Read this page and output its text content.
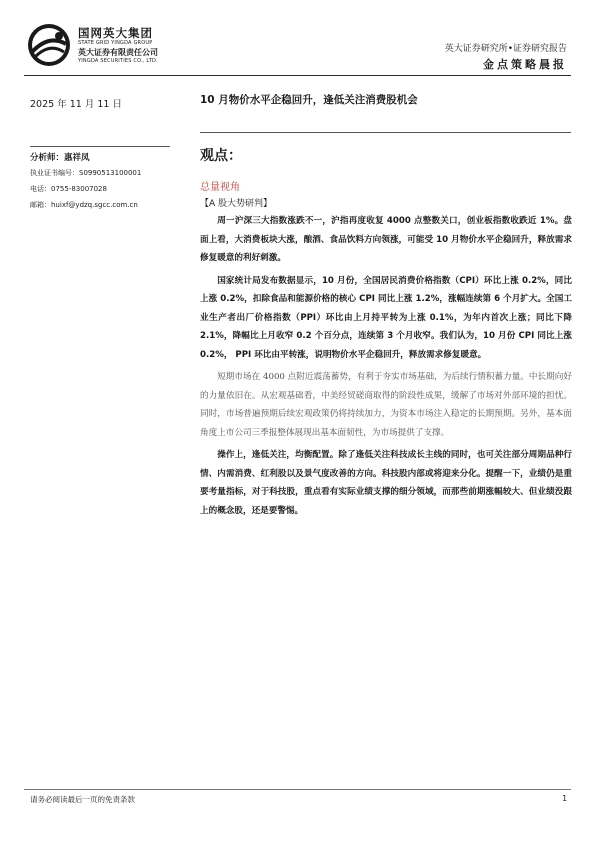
国网英大集团
STATE GRID YINGDA GROUP
英大证券有限责任公司
YINGDA SECURITIES CO., LTD.
英大证券研究所•证券研究报告
金点策略晨报
2025 年 11 月 11 日	10 月物价水平企稳回升，逢低关注消费股机会
分析师：惠祥凤
执业证书编号：S0990513100001
电话：0755-83007028
邮箱：huixf@ydzq.sgcc.com.cn
观点：
总量视角
【A 股大势研判】

周一沪深三大指数涨跌不一，沪指再度收复 4000 点整数关口，创业板指数收跌近 1%。盘面上看，大消费板块大涨，酿酒、食品饮料方向领涨，可能受 10 月物价水平企稳回升，释放需求修复暖意的利好刺激。

国家统计局发布数据显示，10 月份，全国居民消费价格指数（CPI）环比上涨 0.2%，同比上涨 0.2%，扣除食品和能源价格的核心 CPI 同比上涨 1.2%，涨幅连续第 6 个月扩大。全国工业生产者出厂价格指数（PPI）环比由上月持平转为上涨 0.1%，为年内首次上涨；同比下降 2.1%，降幅比上月收窄 0.2 个百分点，连续第 3 个月收窄。我们认为，10 月份 CPI 同比上涨 0.2%， PPI 环比由平转涨，说明物价水平企稳回升，释放需求修复暖意。

短期市场在 4000 点附近震荡蓄势，有利于夯实市场基础，为后续行情积蓄力量。中长期向好的力量依旧在。从宏观基础看，中美经贸磋商取得的阶段性成果，缓解了市场对外部环境的担忧。同时，市场普遍预期后续宏观政策仍将持续加力，为资本市场注入稳定的长期预期。另外，基本面角度上市公司三季报整体展现出基本面韧性，为市场提供了支撑。

操作上，逢低关注，均衡配置。除了逢低关注科技成长主线的同时，也可关注部分周期品种行情、内需消费、红利股以及景气度改善的方向。科技股内部或将迎来分化。提醒一下，业绩仍是重要考量指标，对于科技股，重点看有实际业绩支撑的细分领域，而那些前期涨幅较大、但业绩没跟上的概念股，还是要警惕。

请务必阅读最后一页的免责条款	1
